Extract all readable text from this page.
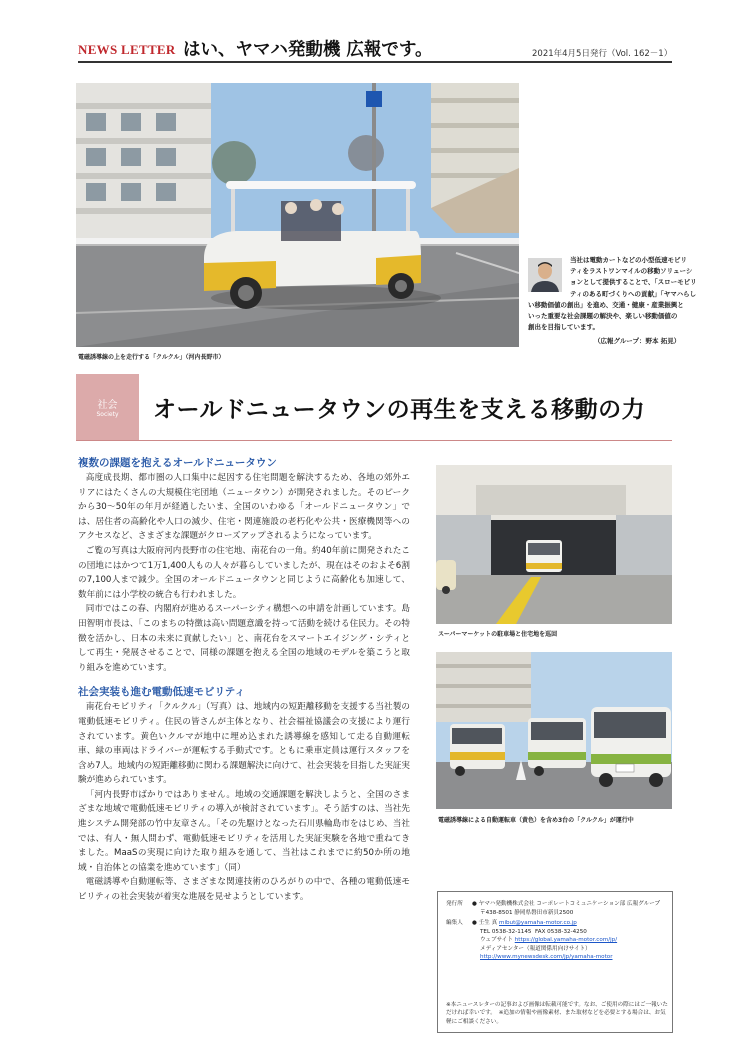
NEWS LETTER はい、ヤマハ発動機 広報です。	2021年4月5日発行（Vol. 162－1）
電磁誘導線の上を走行する「クルクル」（河内長野市）
当社は電動カートなどの小型低速モビリ
ティをラストワンマイルの移動ソリューシ
ョンとして提供することで、「スローモビリ
ティのある町づくりへの貢献」「ヤマハらし
い移動価値の創出」を進め、交通・健康・産業振興と
いった重要な社会課題の解決や、楽しい移動価値の
創出を目指しています。
（広報グループ：野本 拓見）
社会
Society	オールドニュータウンの再生を支える移動の力

複数の課題を抱えるオールドニュータウン

高度成長期、都市圏の人口集中に起因する住宅問題を解決するため、各地の郊外エリアにはたくさんの大規模住宅団地（ニュータウン）が開発されました。そのピークから30～50年の年月が経過したいま、全国のいわゆる「オールドニュータウン」では、居住者の高齢化や人口の減少、住宅・関連施設の老朽化や公共・医療機関等へのアクセスなど、さまざまな課題がクローズアップされるようになっています。

ご覧の写真は大阪府河内長野市の住宅地、南花台の一角。約40年前に開発されたこの団地にはかつて1万1,400人もの人々が暮らしていましたが、現在はそのおよそ6割の7,100人まで減少。全国のオールドニュータウンと同じように高齢化も加速して、数年前には小学校の統合も行われました。

同市ではこの春、内閣府が進めるスーパーシティ構想への申請を計画しています。島田智明市長は、「このまちの特徴は高い問題意識を持って活動を続ける住民力。その特徴を活かし、日本の未来に貢献したい」と、南花台をスマートエイジング・シティとして再生・発展させることで、同様の課題を抱える全国の地域のモデルを築こうと取り組みを進めています。

社会実装も進む電動低速モビリティ

南花台モビリティ「クルクル」（写真）は、地域内の短距離移動を支援する当社製の電動低速モビリティ。住民の皆さんが主体となり、社会福祉協議会の支援により運行されています。黄色いクルマが地中に埋め込まれた誘導線を感知して走る自動運転車、緑の車両はドライバーが運転する手動式です。ともに乗車定員は運行スタッフを含め7人。地域内の短距離移動に関わる課題解決に向けて、社会実装を目指した実証実験が進められています。

「河内長野市ばかりではありません。地域の交通課題を解決しようと、全国のさまざまな地域で電動低速モビリティの導入が検討されています」。そう話すのは、当社先進システム開発部の竹中友章さん。「その先駆けとなった石川県輪島市をはじめ、当社では、有人・無人問わず、電動低速モビリティを活用した実証実験を各地で重ねてきました。MaaSの実現に向けた取り組みを通して、当社はこれまでに約50か所の地域・自治体との協業を進めています」（同）

電磁誘導や自動運転等、さまざまな関連技術のひろがりの中で、各種の電動低速モビリティの社会実装が着実な進展を見せようとしています。

スーパーマーケットの駐車場と住宅地を巡回
電磁誘導線による自動運転車（黄色）を含め3台の「クルクル」が運行中
発行所 ● ヤマハ発動機株式会社 コーポレートコミュニケーション部 広報グループ
〒438-8501 静岡県磐田市新貝2500
編集人 ● 壬生 真 mibut@yamaha-motor.co.jp
TEL 0538-32-1145 FAX 0538-32-4250
ウェブサイト https://global.yamaha-motor.com/jp/
メディアセンター（報道関係用向けサイト）
http://www.mynewsdesk.com/jp/yamaha-motor
※本ニュースレターの記事および画像は転載可能です。なお、ご使用の際にはご一報いただければ幸いです。　※追加の情報や画像素材、また取材などを必要とする場合は、お気軽にご相談ください。
